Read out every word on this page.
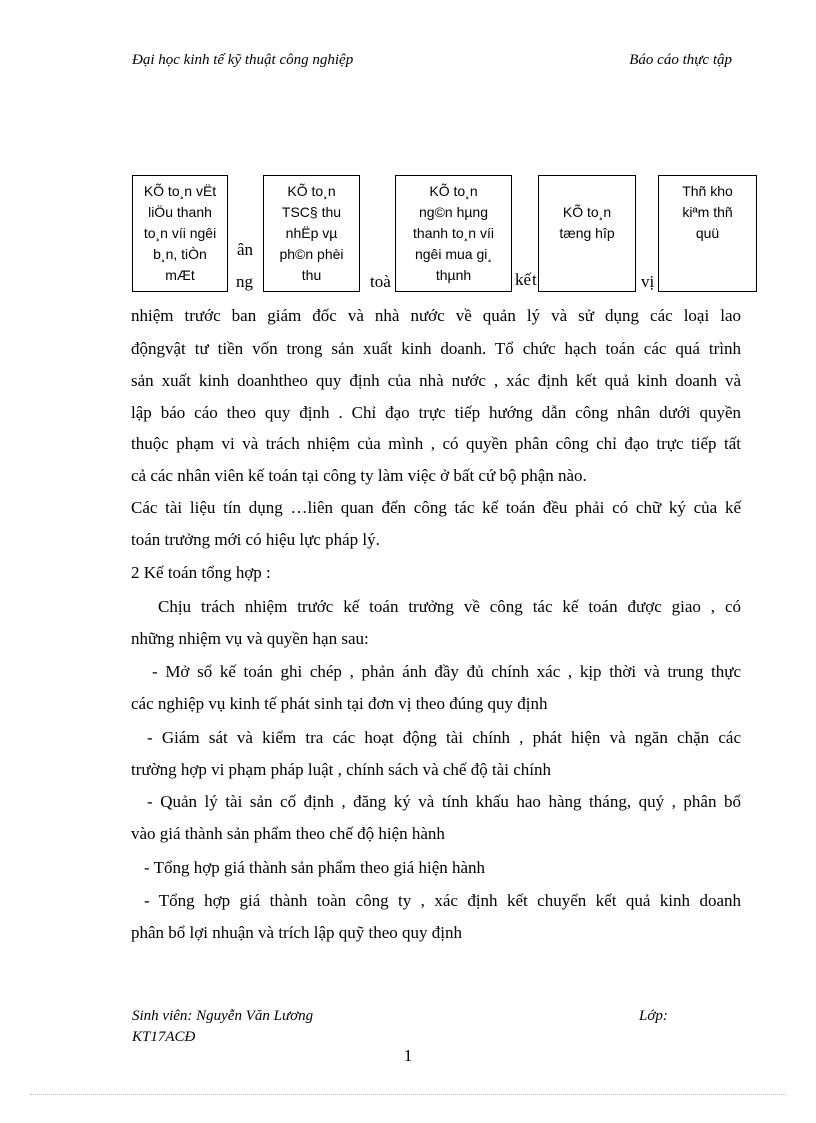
Đại học kinh tế kỹ thuật công nghiệp	Báo cáo thực tập
ân
ng	toà	kế t	vị
KÕ to¸n vËt
liÖu thanh
to¸n víi ngêi
b¸n, tiÒn
mÆt
KÕ to¸n
TSC§ thu
nhËp vµ
ph©n phèi
thu
KÕ to¸n
ng©n hµng
thanh to¸n víi
ngêi mua gi¸
thµnh
KÕ to¸n
tæng hîp
Thñ kho
kiªm thñ
quü
nhiệm trước ban giám đốc và nhà nước về quản lý và sử dụng các loại lao
độngvật tư tiền vốn trong sản xuất kinh doanh. Tổ chức hạch toán các quá trình
sản xuất kinh doanhtheo quy định của nhà nước , xác định kết quả kinh doanh và
lập báo cáo theo quy định . Chỉ đạo trực tiếp hướng dẫn công nhân dưới quyền
thuộc phạm vi và trách nhiệm của mình , có quyền phân công chỉ đạo trực tiếp tất
cả các nhân viên kế toán tại công ty làm việc ở bất cứ bộ phận nào.
Các tài liệu tín dụng …liên quan đến công tác kế toán đều phải có chữ ký của kế
toán trưởng mới có hiệu lực pháp lý.
2 Kế toán tổng hợp :
Chịu trách nhiệm trước kế toán trưởng về công tác kế toán được giao , có
những nhiệm vụ và quyền hạn sau:
- Mở sổ kế toán ghi chép , phản ánh đầy đủ chính xác , kịp thời và trung thực
các nghiệp vụ kinh tế phát sinh tại đơn vị theo đúng quy định
- Giám sát và kiểm tra các hoạt động tài chính , phát hiện và ngăn chặn các
trường hợp vi phạm pháp luật , chính sách và chế độ tài chính
- Quản lý tài sản cố định , đăng ký và tính khấu hao hàng tháng, quý , phân bổ
vào giá thành sản phẩm theo chế độ hiện hành
- Tổng hợp giá thành sản phẩm theo giá hiện hành
- Tổng hợp giá thành toàn công ty , xác định kết chuyển kết quả kinh doanh
phân bổ lợi nhuận và trích lập quỹ theo quy định
Sinh viên: Nguyễn Văn Lương	Lớp:
KT17ACĐ
1
